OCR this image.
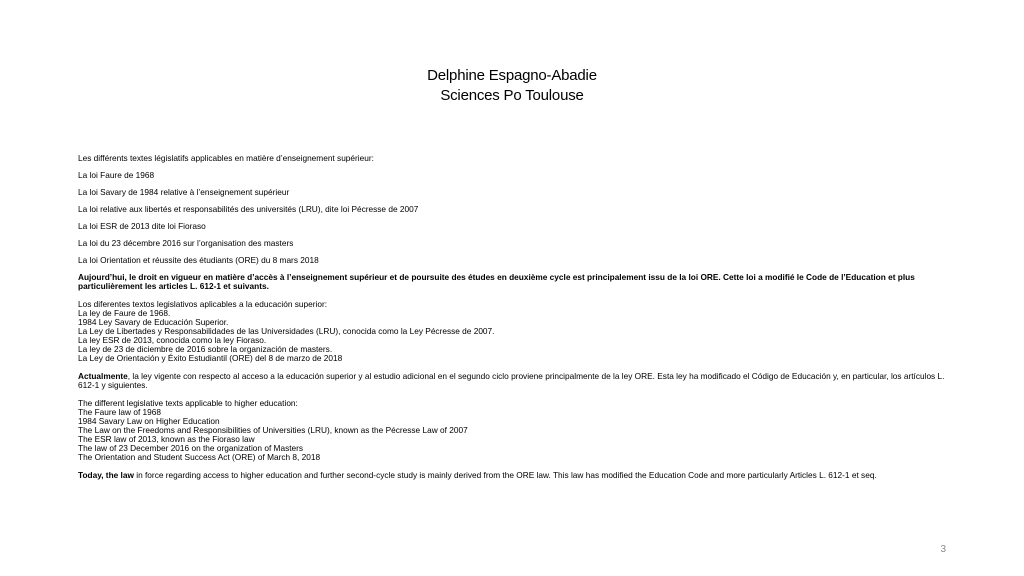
Delphine Espagno-Abadie
Sciences Po Toulouse
Les différents textes législatifs applicables en matière d’enseignement supérieur:
La loi Faure de 1968
La loi Savary de 1984 relative à l’enseignement supérieur
La loi relative aux libertés et responsabilités des universités (LRU), dite loi Pécresse de 2007
La loi ESR de 2013 dite loi Fioraso
La loi du 23 décembre 2016 sur l’organisation des masters
La loi Orientation et réussite des étudiants (ORE) du 8 mars 2018
Aujourd’hui, le droit en vigueur en matière d’accès à l’enseignement supérieur et de poursuite des études en deuxième cycle est principalement issu de la loi ORE. Cette loi a modifié le Code de l’Education et plus particulièrement les articles L. 612-1 et suivants.
Los diferentes textos legislativos aplicables a la educación superior:
La ley de Faure de 1968.
1984 Ley Savary de Educación Superior.
La Ley de Libertades y Responsabilidades de las Universidades (LRU), conocida como la Ley Pécresse de 2007.
La ley ESR de 2013, conocida como la ley Fioraso.
La ley de 23 de diciembre de 2016 sobre la organización de masters.
La Ley de Orientación y Éxito Estudiantil (ORE) del 8 de marzo de 2018
Actualmente, la ley vigente con respecto al acceso a la educación superior y al estudio adicional en el segundo ciclo proviene principalmente de la ley ORE. Esta ley ha modificado el Código de Educación y, en particular, los artículos L. 612-1 y siguientes.
The different legislative texts applicable to higher education:
The Faure law of 1968
1984 Savary Law on Higher Education
The Law on the Freedoms and Responsibilities of Universities (LRU), known as the Pécresse Law of 2007
The ESR law of 2013, known as the Fioraso law
The law of 23 December 2016 on the organization of Masters
The Orientation and Student Success Act (ORE) of March 8, 2018
Today, the law in force regarding access to higher education and further second-cycle study is mainly derived from the ORE law. This law has modified the Education Code and more particularly Articles L. 612-1 et seq.
3
